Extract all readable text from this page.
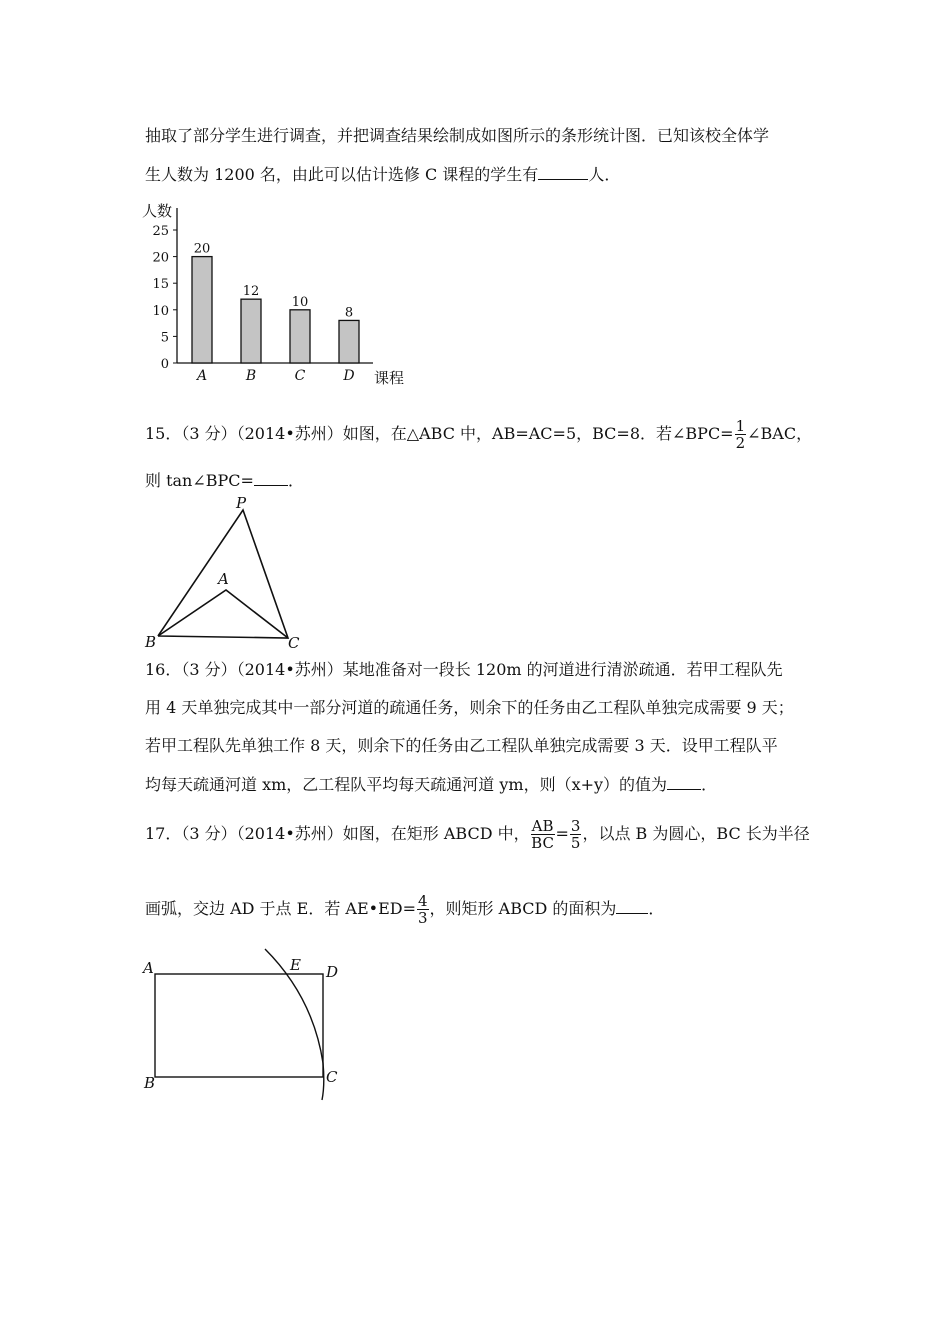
抽取了部分学生进行调查，并把调查结果绘制成如图所示的条形统计图．已知该校全体学
生人数为 1200 名，由此可以估计选修 C 课程的学生有	人．
人数
课程
0
5
10
15
20
25
20
A
12
B
10
C
8
D
15．（3 分）（2014•苏州）如图，在△ABC 中，AB=AC=5，BC=8．若∠BPC= $\frac{1}{2}$ ∠BAC，
则 tan∠BPC= ．
P
A
B	C
16．（3 分）（2014•苏州）某地准备对一段长 120m 的河道进行清淤疏通．若甲工程队先
用 4 天单独完成其中一部分河道的疏通任务，则余下的任务由乙工程队单独完成需要 9 天；
若甲工程队先单独工作 8 天，则余下的任务由乙工程队单独完成需要 3 天．设甲工程队平
均每天疏通河道 xm，乙工程队平均每天疏通河道 ym，则（x+y）的值为 ．
17．（3 分）（2014•苏州）如图，在矩形 ABCD 中， $\frac{AB}{BC} = \frac{3}{5}$ ，以点 B 为圆心，BC 长为半径
画弧，交边 AD 于点 E．若 AE•ED= $\frac{4}{3}$ ，则矩形 ABCD 的面积为 ．
A	E D
B	C
